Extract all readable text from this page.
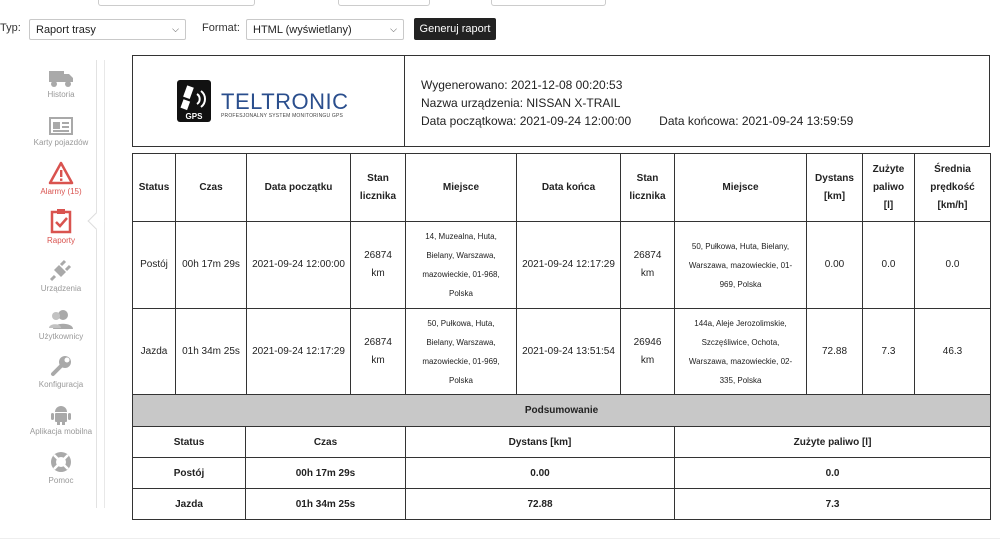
Typ:	Raport trasy	⌵ Format:	HTML (wyświetlany)	⌵	Generuj raport
Historia
Karty pojazdów
Alarmy (15)
Raporty
Urządzenia
Użytkownicy
Konfiguracja
Aplikacja mobilna
Pomoc
GPS
TELTRONIC
PROFESJONALNY SYSTEM MONITORINGU GPS
Wygenerowano: 2021-12-08 00:20:53
Nazwa urządzenia: NISSAN X-TRAIL
Data początkowa: 2021-09-24 12:00:00 Data końcowa: 2021-09-24 13:59:59
Status	Czas	Data początku	Stan
licznika	Miejsce	Data końca	Stan
licznika	Miejsce	Dystans
[km]	Zużyte
paliwo
[l]	Średnia
prędkość
[km/h]
Postój	00h 17m 29s	2021-09-24 12:00:00	26874
km	14, Muzealna, Huta,
Bielany, Warszawa,
mazowieckie, 01-968,
Polska	2021-09-24 12:17:29	26874
km	50, Pułkowa, Huta, Bielany,
Warszawa, mazowieckie, 01-
969, Polska	0.00	0.0	0.0
Jazda	01h 34m 25s	2021-09-24 12:17:29	26874
km	50, Pułkowa, Huta,
Bielany, Warszawa,
mazowieckie, 01-969,
Polska	2021-09-24 13:51:54	26946
km	144a, Aleje Jerozolimskie,
Szczęśliwice, Ochota,
Warszawa, mazowieckie, 02-
335, Polska	72.88	7.3	46.3
Podsumowanie			
Status	Czas	Dystans [km]	Zużyte paliwo [l]
Postój	00h 17m 29s	0.00	0.0
Jazda	01h 34m 25s	72.88	7.3
